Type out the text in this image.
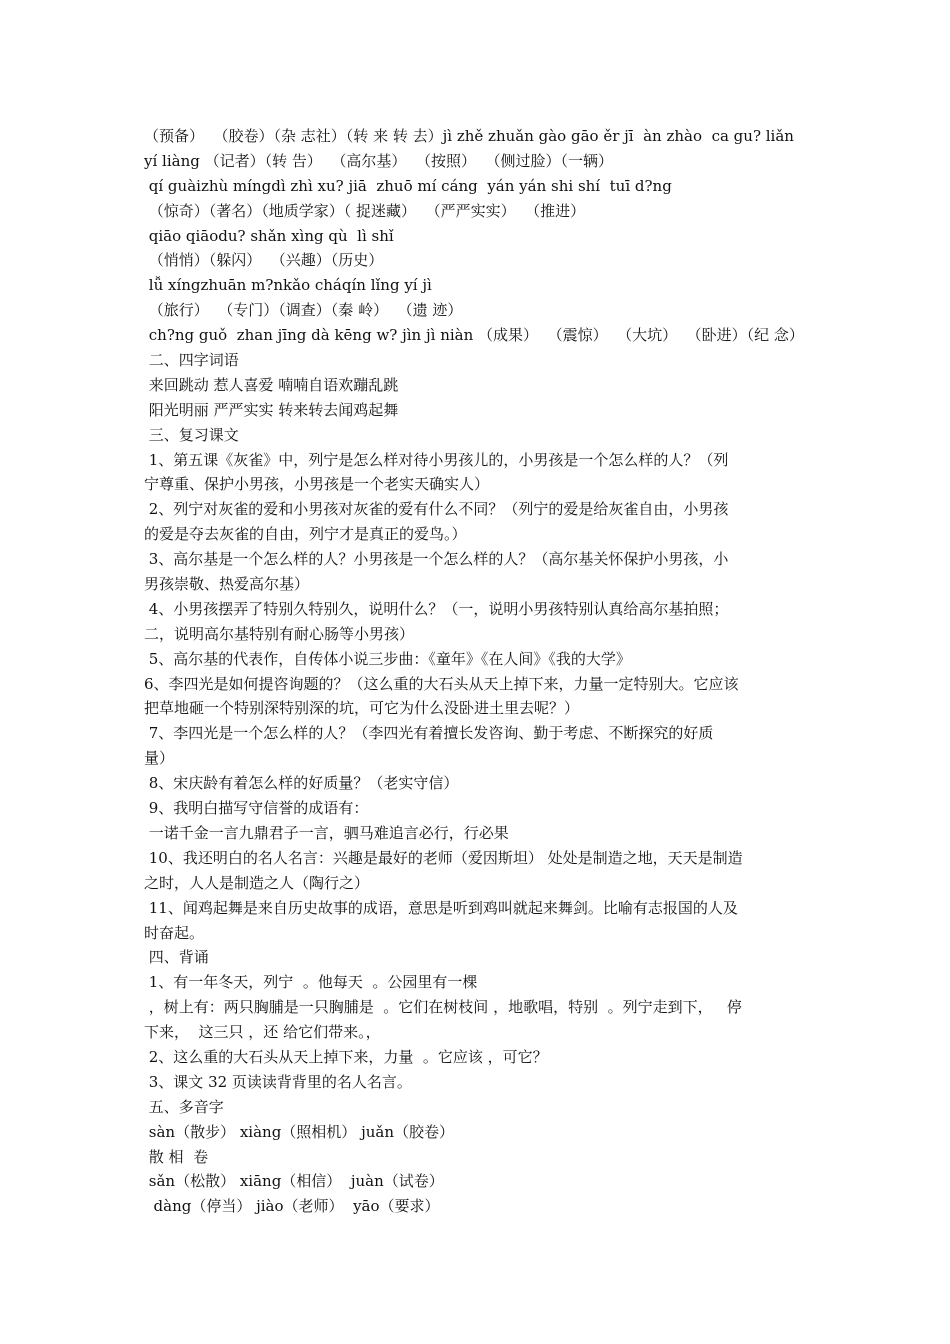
（预备）  （胶卷）（杂 志社）（转 来 转 去）jì zhě zhuǎn gào gāo ěr jī  àn zhào  ca gu? liǎn
yí liàng （记者）（转 告）  （高尔基）  （按照）  （侧过脸）（一辆）
qí guàizhù míngdì zhì xu? jiā  zhuō mí cáng  yán yán shi shí  tuī d?ng
（惊奇）（著名）（地质学家）（ 捉迷藏）  （严严实实）  （推进）
qiāo qiāodu? shǎn xìng qù  lì shǐ
（悄悄）（躲闪）  （兴趣）（历史）
lǚ xíngzhuān m?nkǎo cháqín lǐng yí jì
（旅行）  （专门）（调查）（秦 岭）  （遗 迹）
ch?ng guǒ  zhan jīng dà kēng w? jìn jì niàn （成果）  （震惊）  （大坑）  （卧进）（纪 念）
二、四字词语
来回跳动 惹人喜爱 喃喃自语欢蹦乱跳
阳光明丽 严严实实 转来转去闻鸡起舞
三、复习课文
1、第五课《灰雀》中，列宁是怎么样对待小男孩儿的，小男孩是一个怎么样的人？（列
宁尊重、保护小男孩，小男孩是一个老实天确实人）
2、列宁对灰雀的爱和小男孩对灰雀的爱有什么不同？（列宁的爱是给灰雀自由，小男孩
的爱是夺去灰雀的自由，列宁才是真正的爱鸟。）
3、高尔基是一个怎么样的人？小男孩是一个怎么样的人？（高尔基关怀保护小男孩，小
男孩崇敬、热爱高尔基）
4、小男孩摆弄了特别久特别久，说明什么？（一，说明小男孩特别认真给高尔基拍照；
二，说明高尔基特别有耐心肠等小男孩）
5、高尔基的代表作，自传体小说三步曲：《童年》《在人间》《我的大学》
6、李四光是如何提咨询题的？（这么重的大石头从天上掉下来，力量一定特别大。它应该
把草地砸一个特别深特别深的坑，可它为什么没卧进土里去呢？）
7、李四光是一个怎么样的人？（李四光有着擅长发咨询、勤于考虑、不断探究的好质
量）
8、宋庆龄有着怎么样的好质量？（老实守信）
9、我明白描写守信誉的成语有：
一诺千金一言九鼎君子一言，驷马难追言必行，行必果
10、我还明白的名人名言：兴趣是最好的老师（爱因斯坦） 处处是制造之地，天天是制造
之时，人人是制造之人（陶行之）
11、闻鸡起舞是来自历史故事的成语，意思是听到鸡叫就起来舞剑。比喻有志报国的人及
时奋起。
四、背诵
1、有一年冬天，列宁  。他每天  。公园里有一棵
，树上有：两只胸脯是一只胸脯是  。它们在树枝间 ，地歌唱，特别  。列宁走到下，   停
下来，  这三只 ，还 给它们带来。，
2、这么重的大石头从天上掉下来，力量  。它应该 ，可它？
3、课文 32 页读读背背里的名人名言。
五、多音字
sàn（散步） xiàng（照相机） juǎn（胶卷）
散 相  卷
sǎn（松散） xiāng（相信）  juàn（试卷）
dàng（停当） jiào（老师）  yāo（要求）
